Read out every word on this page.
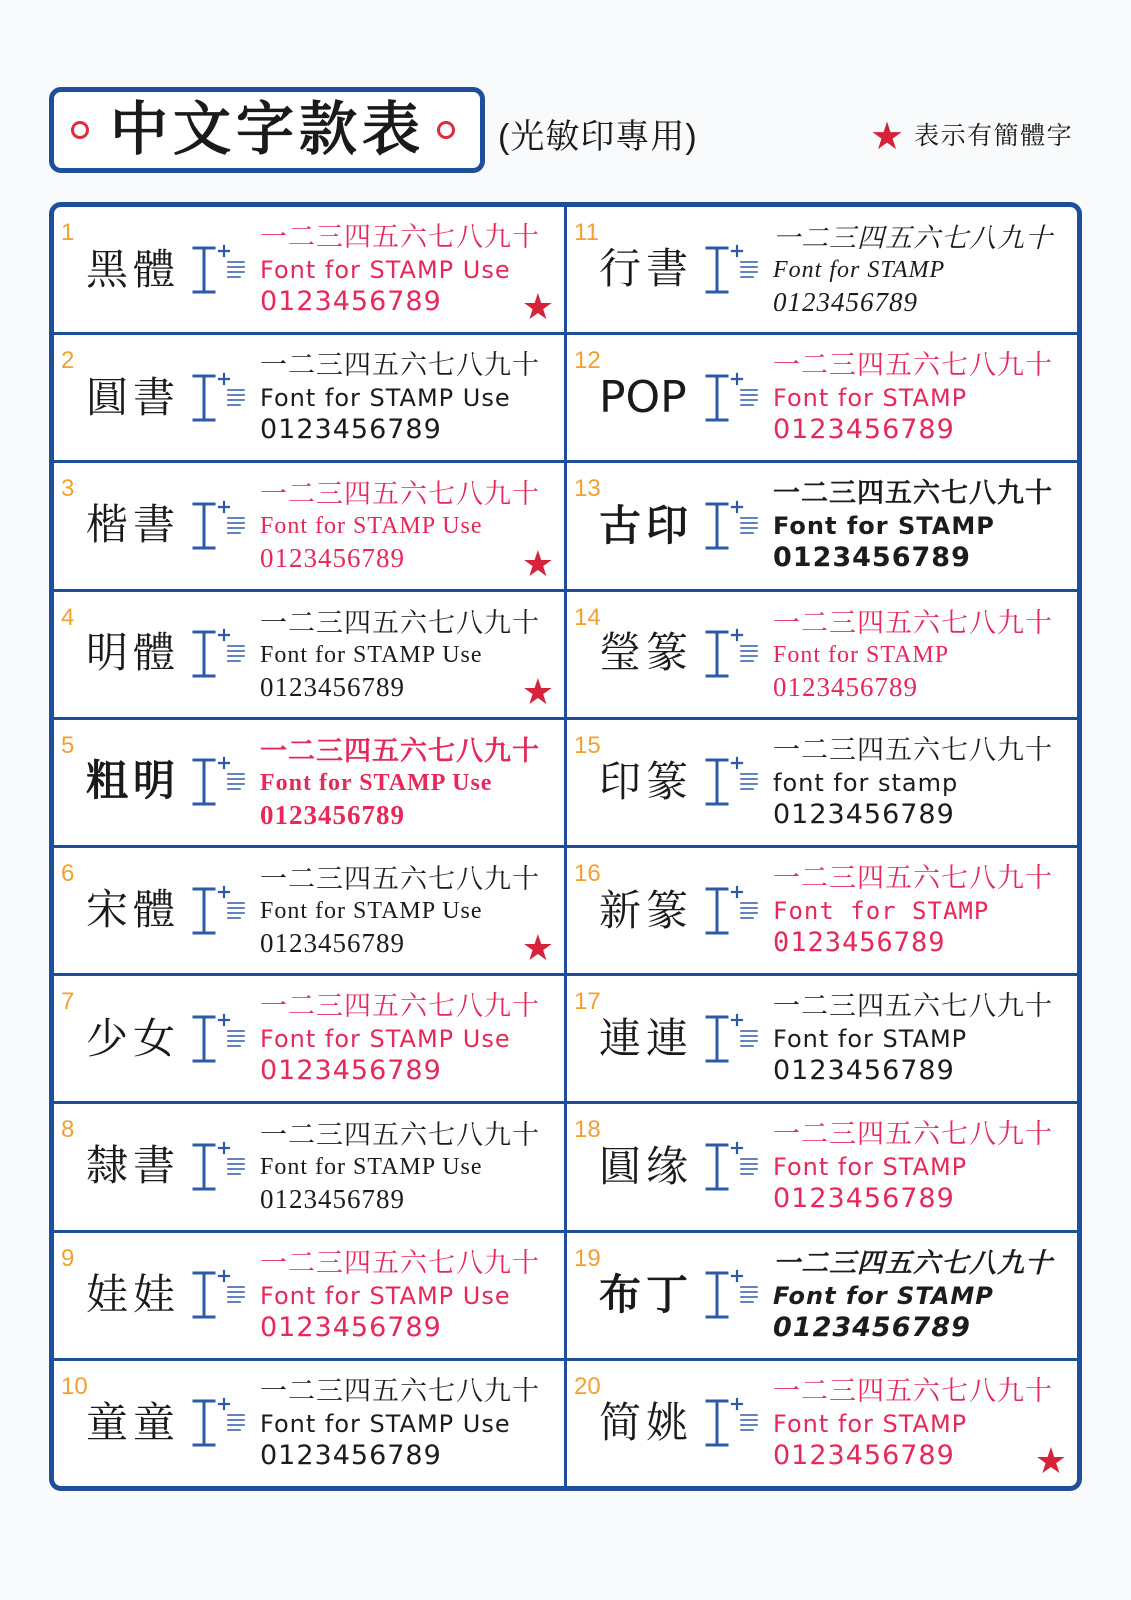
中文字款表 (光敏印專用)	★ 表示有簡體字
1
黑體
一二三四五六七八九十
Font for STAMP Use
0123456789	★
2
圓書
一二三四五六七八九十
Font for STAMP Use
0123456789
3
楷書
一二三四五六七八九十
Font for STAMP Use
0123456789	★
4
明體
一二三四五六七八九十
Font for STAMP Use
0123456789	★
5
粗明
一二三四五六七八九十
Font for STAMP Use
0123456789
6
宋體
一二三四五六七八九十
Font for STAMP Use
0123456789	★
7
少女
一二三四五六七八九十
Font for STAMP Use
0123456789
8
隸書
一二三四五六七八九十
Font for STAMP Use
0123456789
9
娃娃
一二三四五六七八九十
Font for STAMP Use
0123456789
10
童童
一二三四五六七八九十
Font for STAMP Use
0123456789
11
行書
一二三四五六七八九十
Font for STAMP
0123456789
12
POP
一二三四五六七八九十
Font for STAMP
0123456789
13
古印
一二三四五六七八九十
Font for STAMP
0123456789
14
瑩篆
一二三四五六七八九十
Font for STAMP
0123456789
15
印篆
一二三四五六七八九十
font for stamp
0123456789
16
新篆
一二三四五六七八九十
Font for STAMP
0123456789
17
連連
一二三四五六七八九十
Font for STAMP
0123456789
18
圓缘
一二三四五六七八九十
Font for STAMP
0123456789
19
布丁
一二三四五六七八九十
Font for STAMP
0123456789
20
简姚
一二三四五六七八九十
Font for STAMP
0123456789	★
